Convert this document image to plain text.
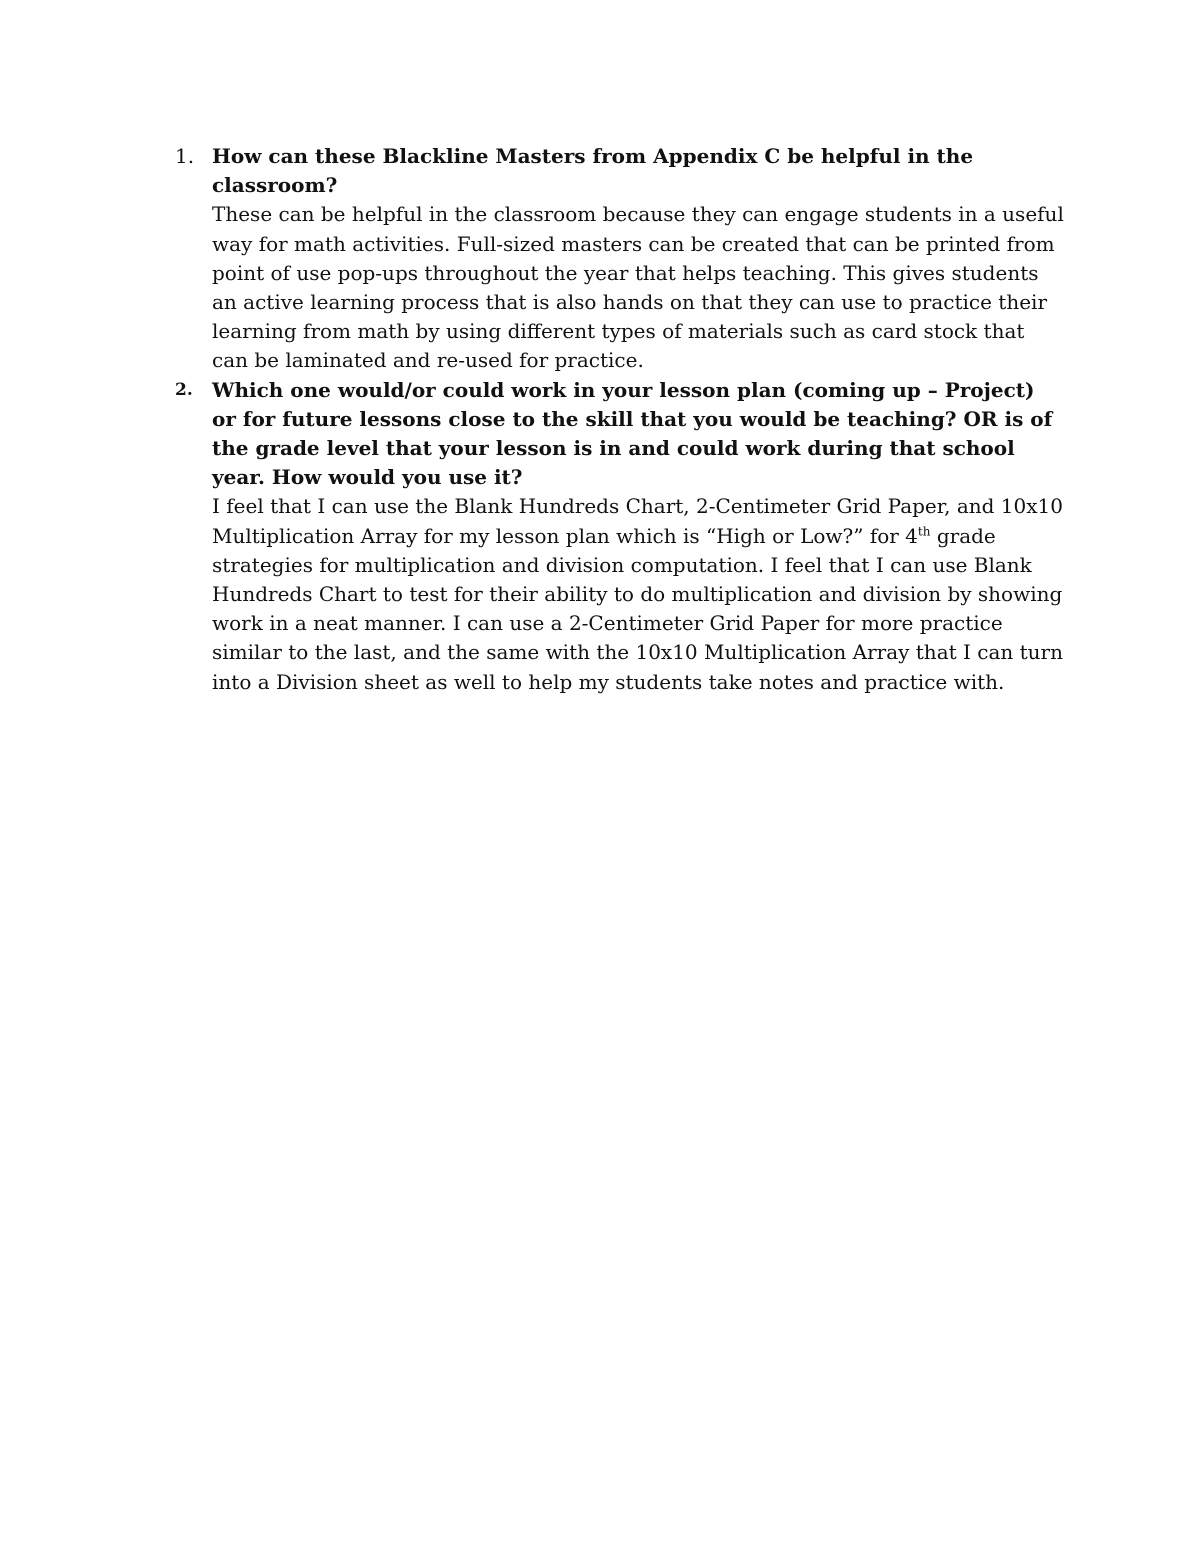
1. How can these Blackline Masters from Appendix C be helpful in the classroom?
These can be helpful in the classroom because they can engage students in a useful way for math activities. Full-sized masters can be created that can be printed from point of use pop-ups throughout the year that helps teaching. This gives students an active learning process that is also hands on that they can use to practice their learning from math by using different types of materials such as card stock that can be laminated and re-used for practice.
2. Which one would/or could work in your lesson plan (coming up – Project) or for future lessons close to the skill that you would be teaching? OR is of the grade level that your lesson is in and could work during that school year. How would you use it?
I feel that I can use the Blank Hundreds Chart, 2-Centimeter Grid Paper, and 10x10 Multiplication Array for my lesson plan which is “High or Low?” for 4th grade strategies for multiplication and division computation. I feel that I can use Blank Hundreds Chart to test for their ability to do multiplication and division by showing work in a neat manner. I can use a 2-Centimeter Grid Paper for more practice similar to the last, and the same with the 10x10 Multiplication Array that I can turn into a Division sheet as well to help my students take notes and practice with.
